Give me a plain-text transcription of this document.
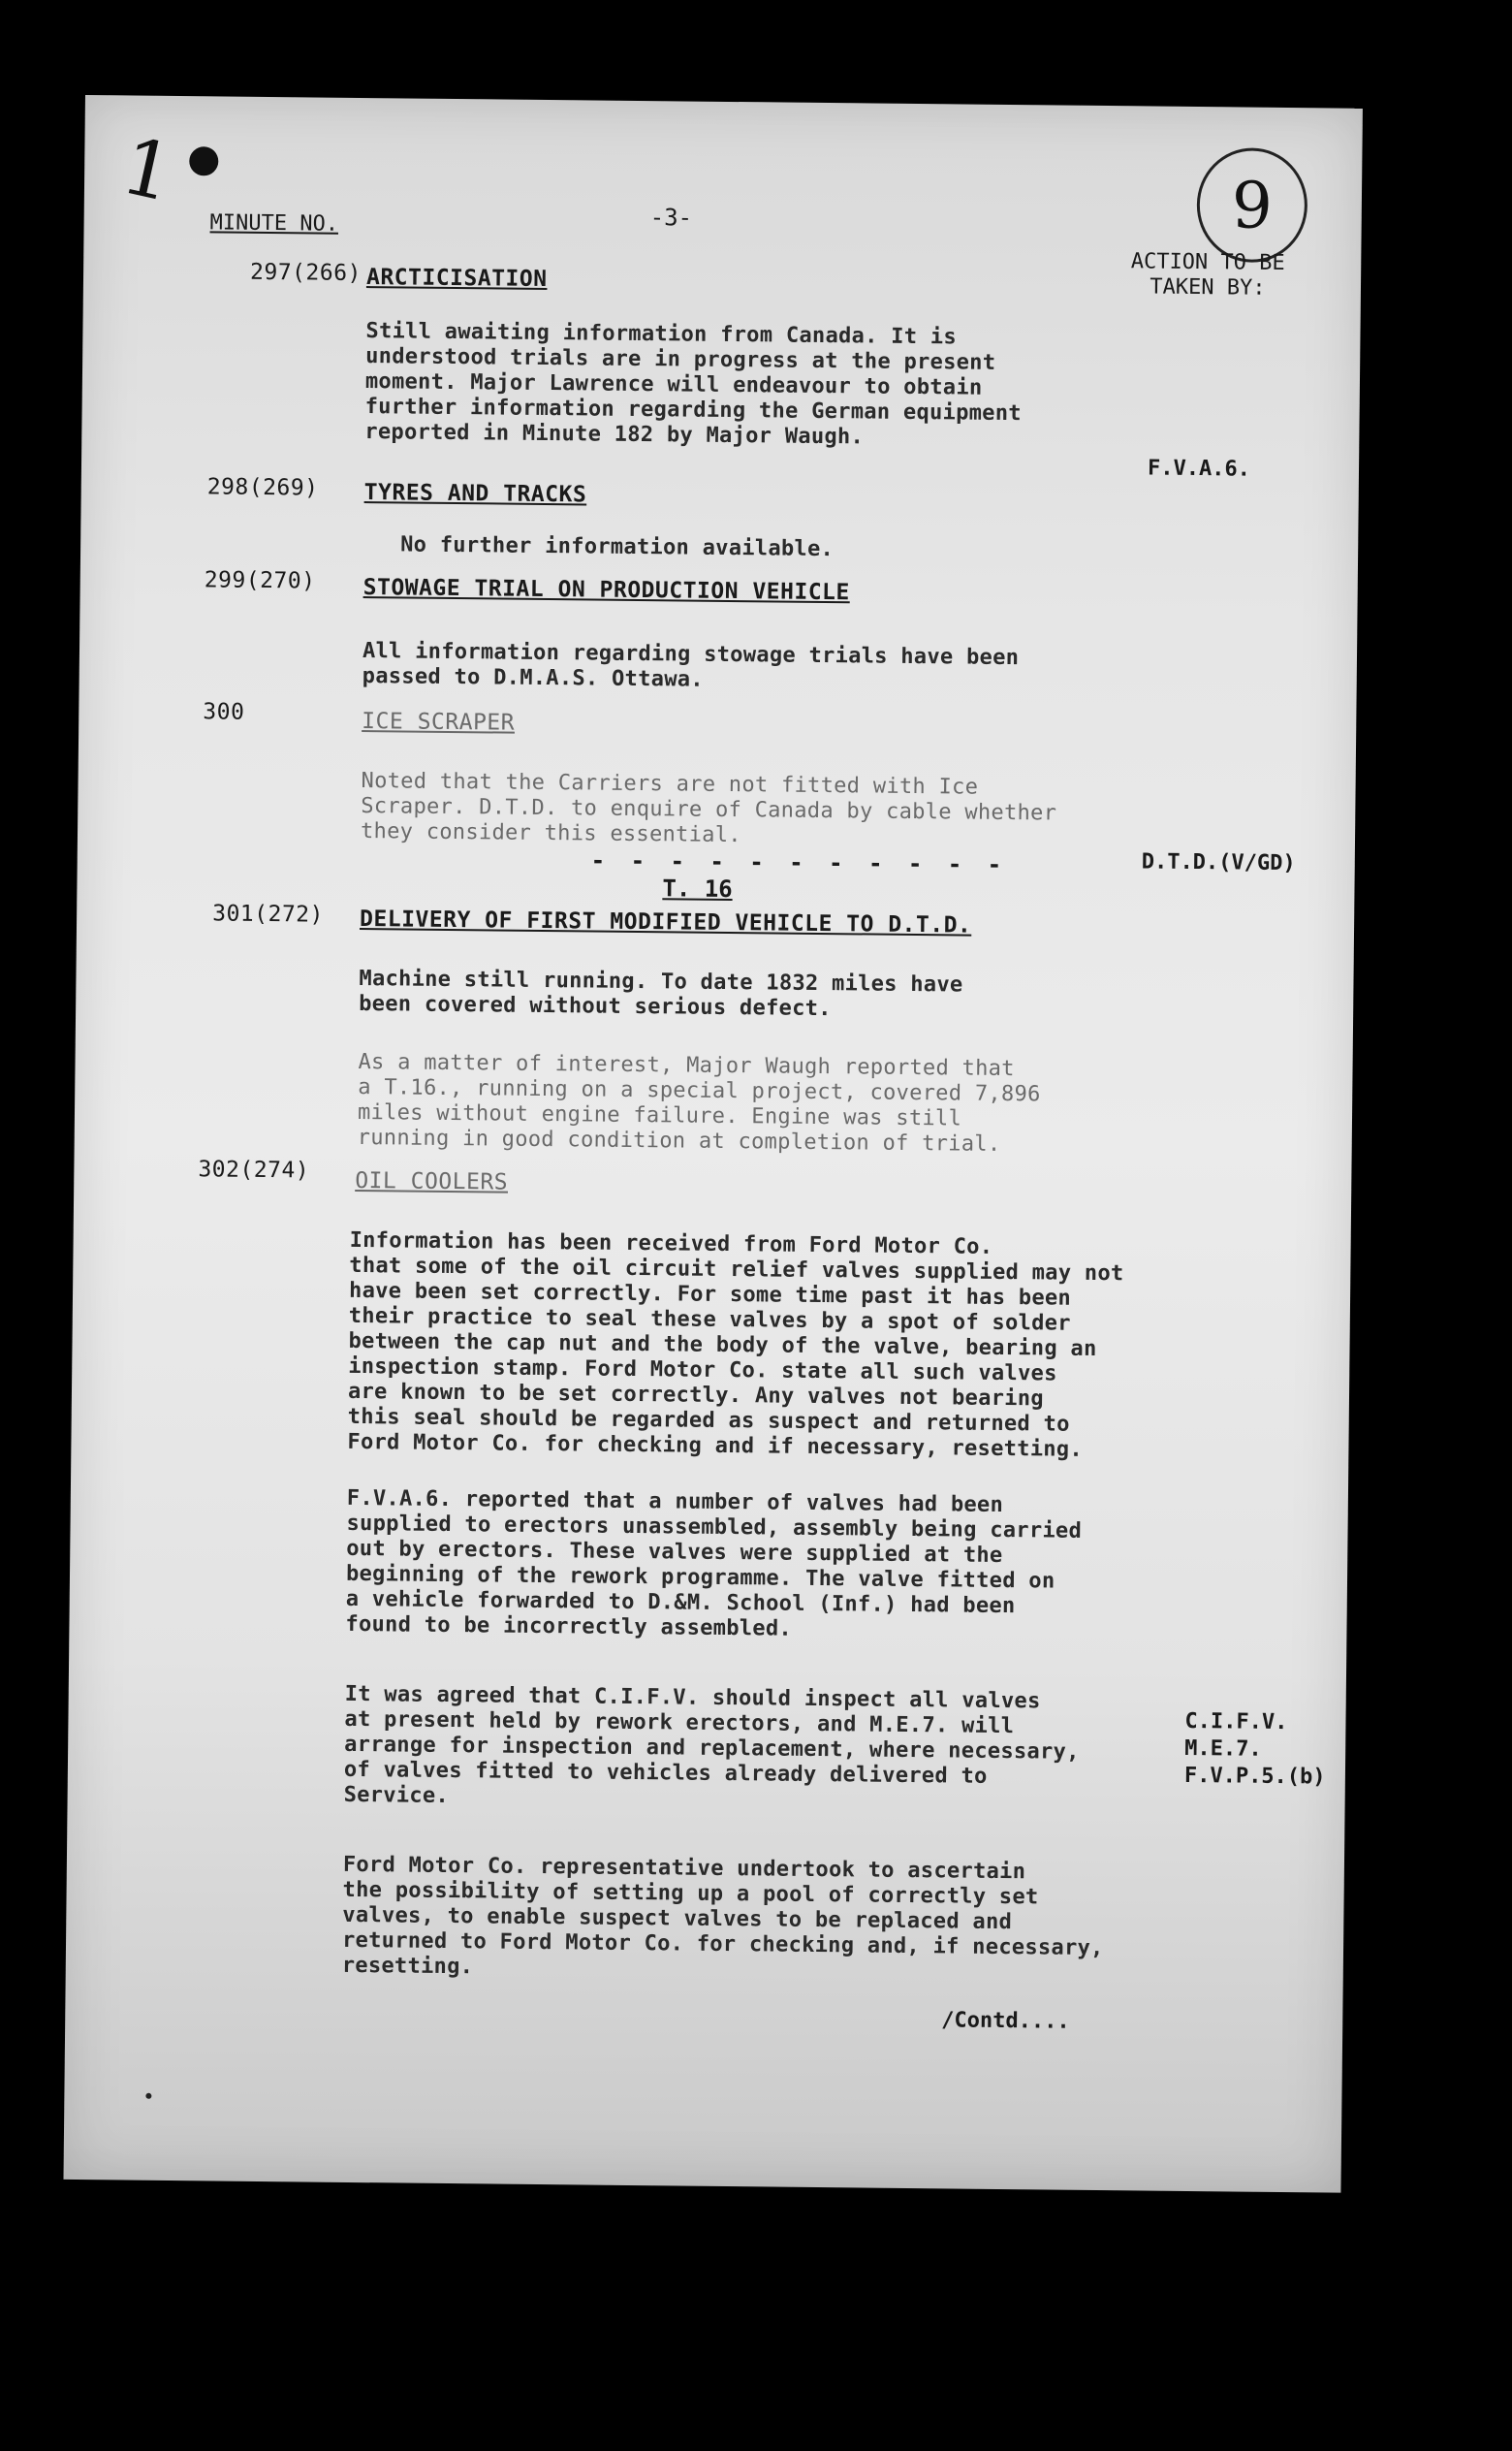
1	9
MINUTE NO.	-3-
ACTION TO BE TAKEN BY:
297(266) ARCTICISATION
Still awaiting information from Canada. It is
understood trials are in progress at the present
moment. Major Lawrence will endeavour to obtain
further information regarding the German equipment
reported in Minute 182 by Major Waugh.
F.V.A.6.
298(269) TYRES AND TRACKS
No further information available.
299(270) STOWAGE TRIAL ON PRODUCTION VEHICLE
All information regarding stowage trials have been
passed to D.M.A.S. Ottawa.
300	ICE SCRAPER
Noted that the Carriers are not fitted with Ice
Scraper. D.T.D. to enquire of Canada by cable whether
they consider this essential.
D.T.D.(V/GD)
- - - - - - - - - - -
T. 16
301(272) DELIVERY OF FIRST MODIFIED VEHICLE TO D.T.D.
Machine still running. To date 1832 miles have
been covered without serious defect.
As a matter of interest, Major Waugh reported that
a T.16., running on a special project, covered 7,896
miles without engine failure. Engine was still
running in good condition at completion of trial.
302(274) OIL COOLERS
Information has been received from Ford Motor Co.
that some of the oil circuit relief valves supplied may not
have been set correctly. For some time past it has been
their practice to seal these valves by a spot of solder
between the cap nut and the body of the valve, bearing an
inspection stamp. Ford Motor Co. state all such valves
are known to be set correctly. Any valves not bearing
this seal should be regarded as suspect and returned to
Ford Motor Co. for checking and if necessary, resetting.
F.V.A.6. reported that a number of valves had been
supplied to erectors unassembled, assembly being carried
out by erectors. These valves were supplied at the
beginning of the rework programme. The valve fitted on
a vehicle forwarded to D.&M. School (Inf.) had been
found to be incorrectly assembled.
It was agreed that C.I.F.V. should inspect all valves
at present held by rework erectors, and M.E.7. will
arrange for inspection and replacement, where necessary,
of valves fitted to vehicles already delivered to
Service.
C.I.F.V.
M.E.7.
F.V.P.5.(b)
Ford Motor Co. representative undertook to ascertain
the possibility of setting up a pool of correctly set
valves, to enable suspect valves to be replaced and
returned to Ford Motor Co. for checking and, if necessary,
resetting.
/Contd....
